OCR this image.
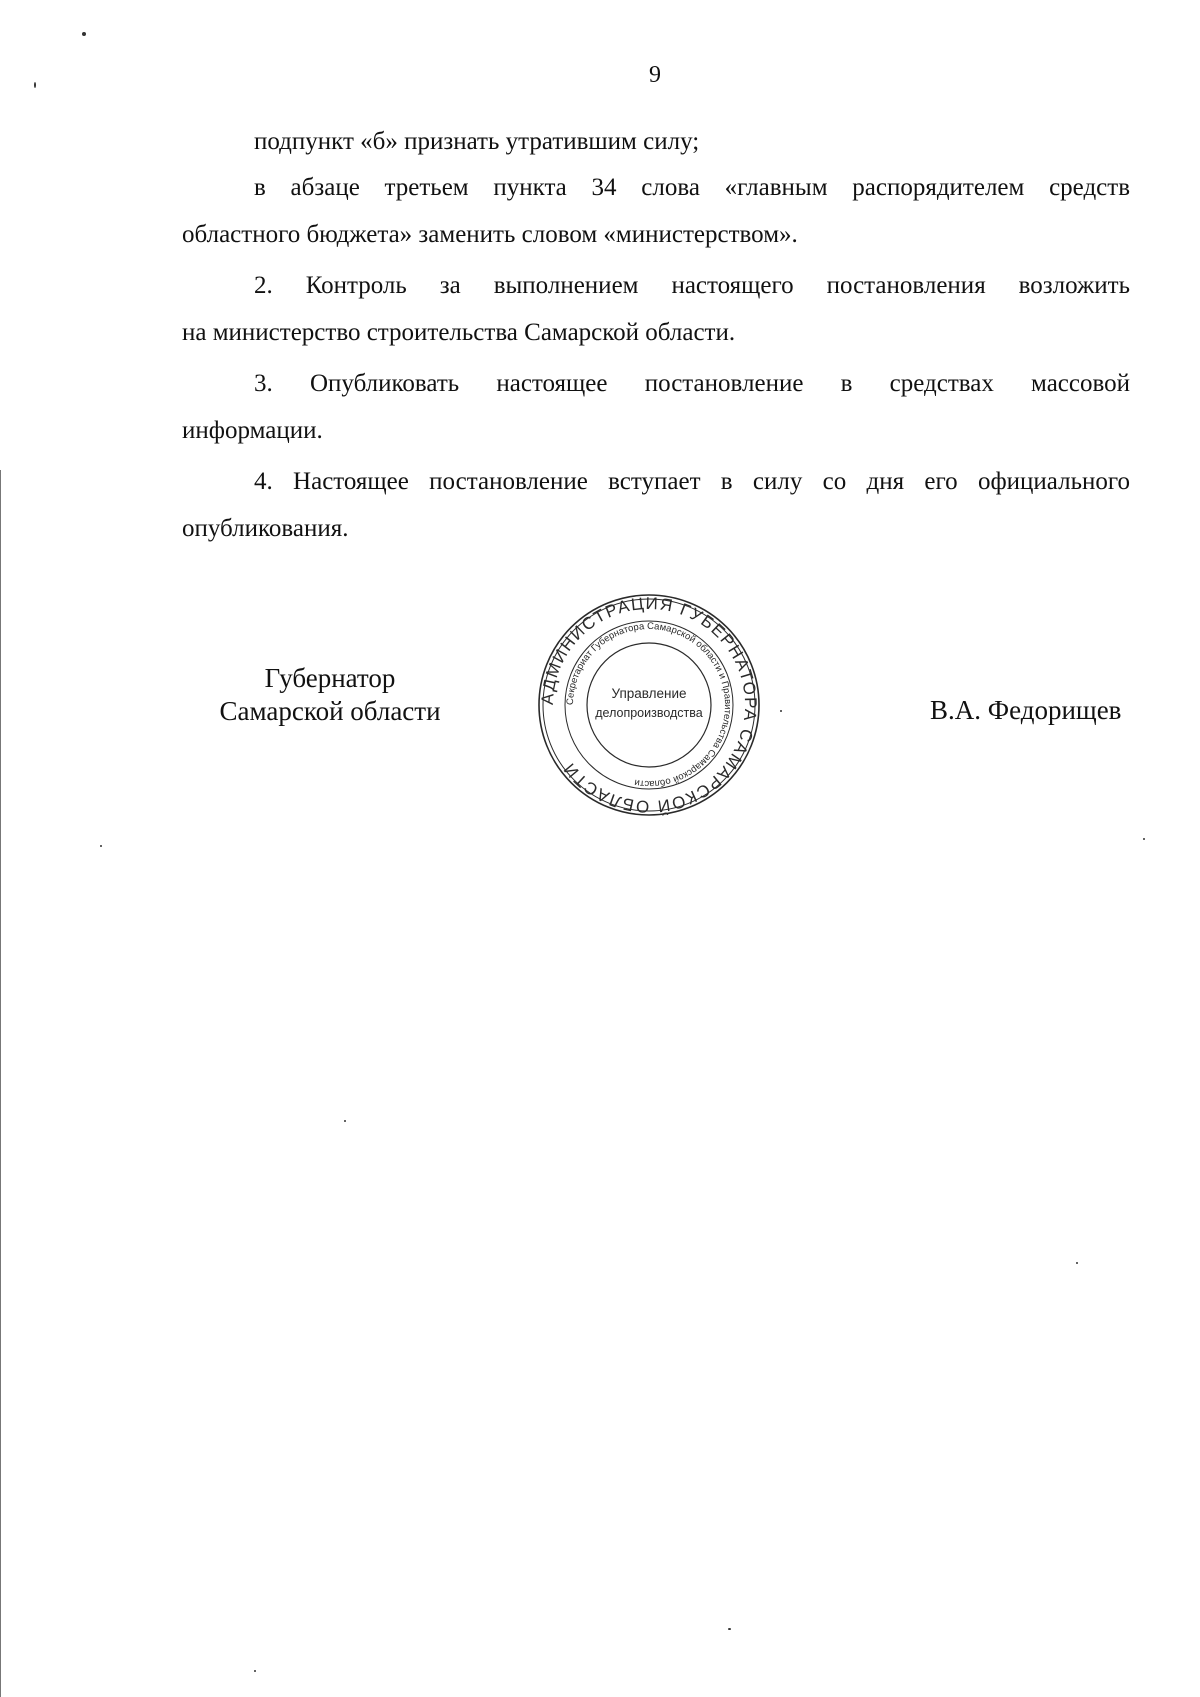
9

подпункт «б» признать утратившим силу;

в абзаце третьем пункта 34 слова «главным распорядителем средств
областного бюджета» заменить словом «министерством».

2. Контроль за выполнением настоящего постановления возложить
на министерство строительства Самарской области.

3. Опубликовать настоящее постановление в средствах массовой
информации.

4. Настоящее постановление вступает в силу со дня его официального
опубликования.

Губернатор
Самарской области	В.А. Федорищев
АДМИНИСТРАЦИЯ ГУБЕРНАТОРА САМАРСКОЙ ОБЛАСТИ
Секретариат Губернатора Самарской области и Правительства Самарской области
Управление
делопроизводства
